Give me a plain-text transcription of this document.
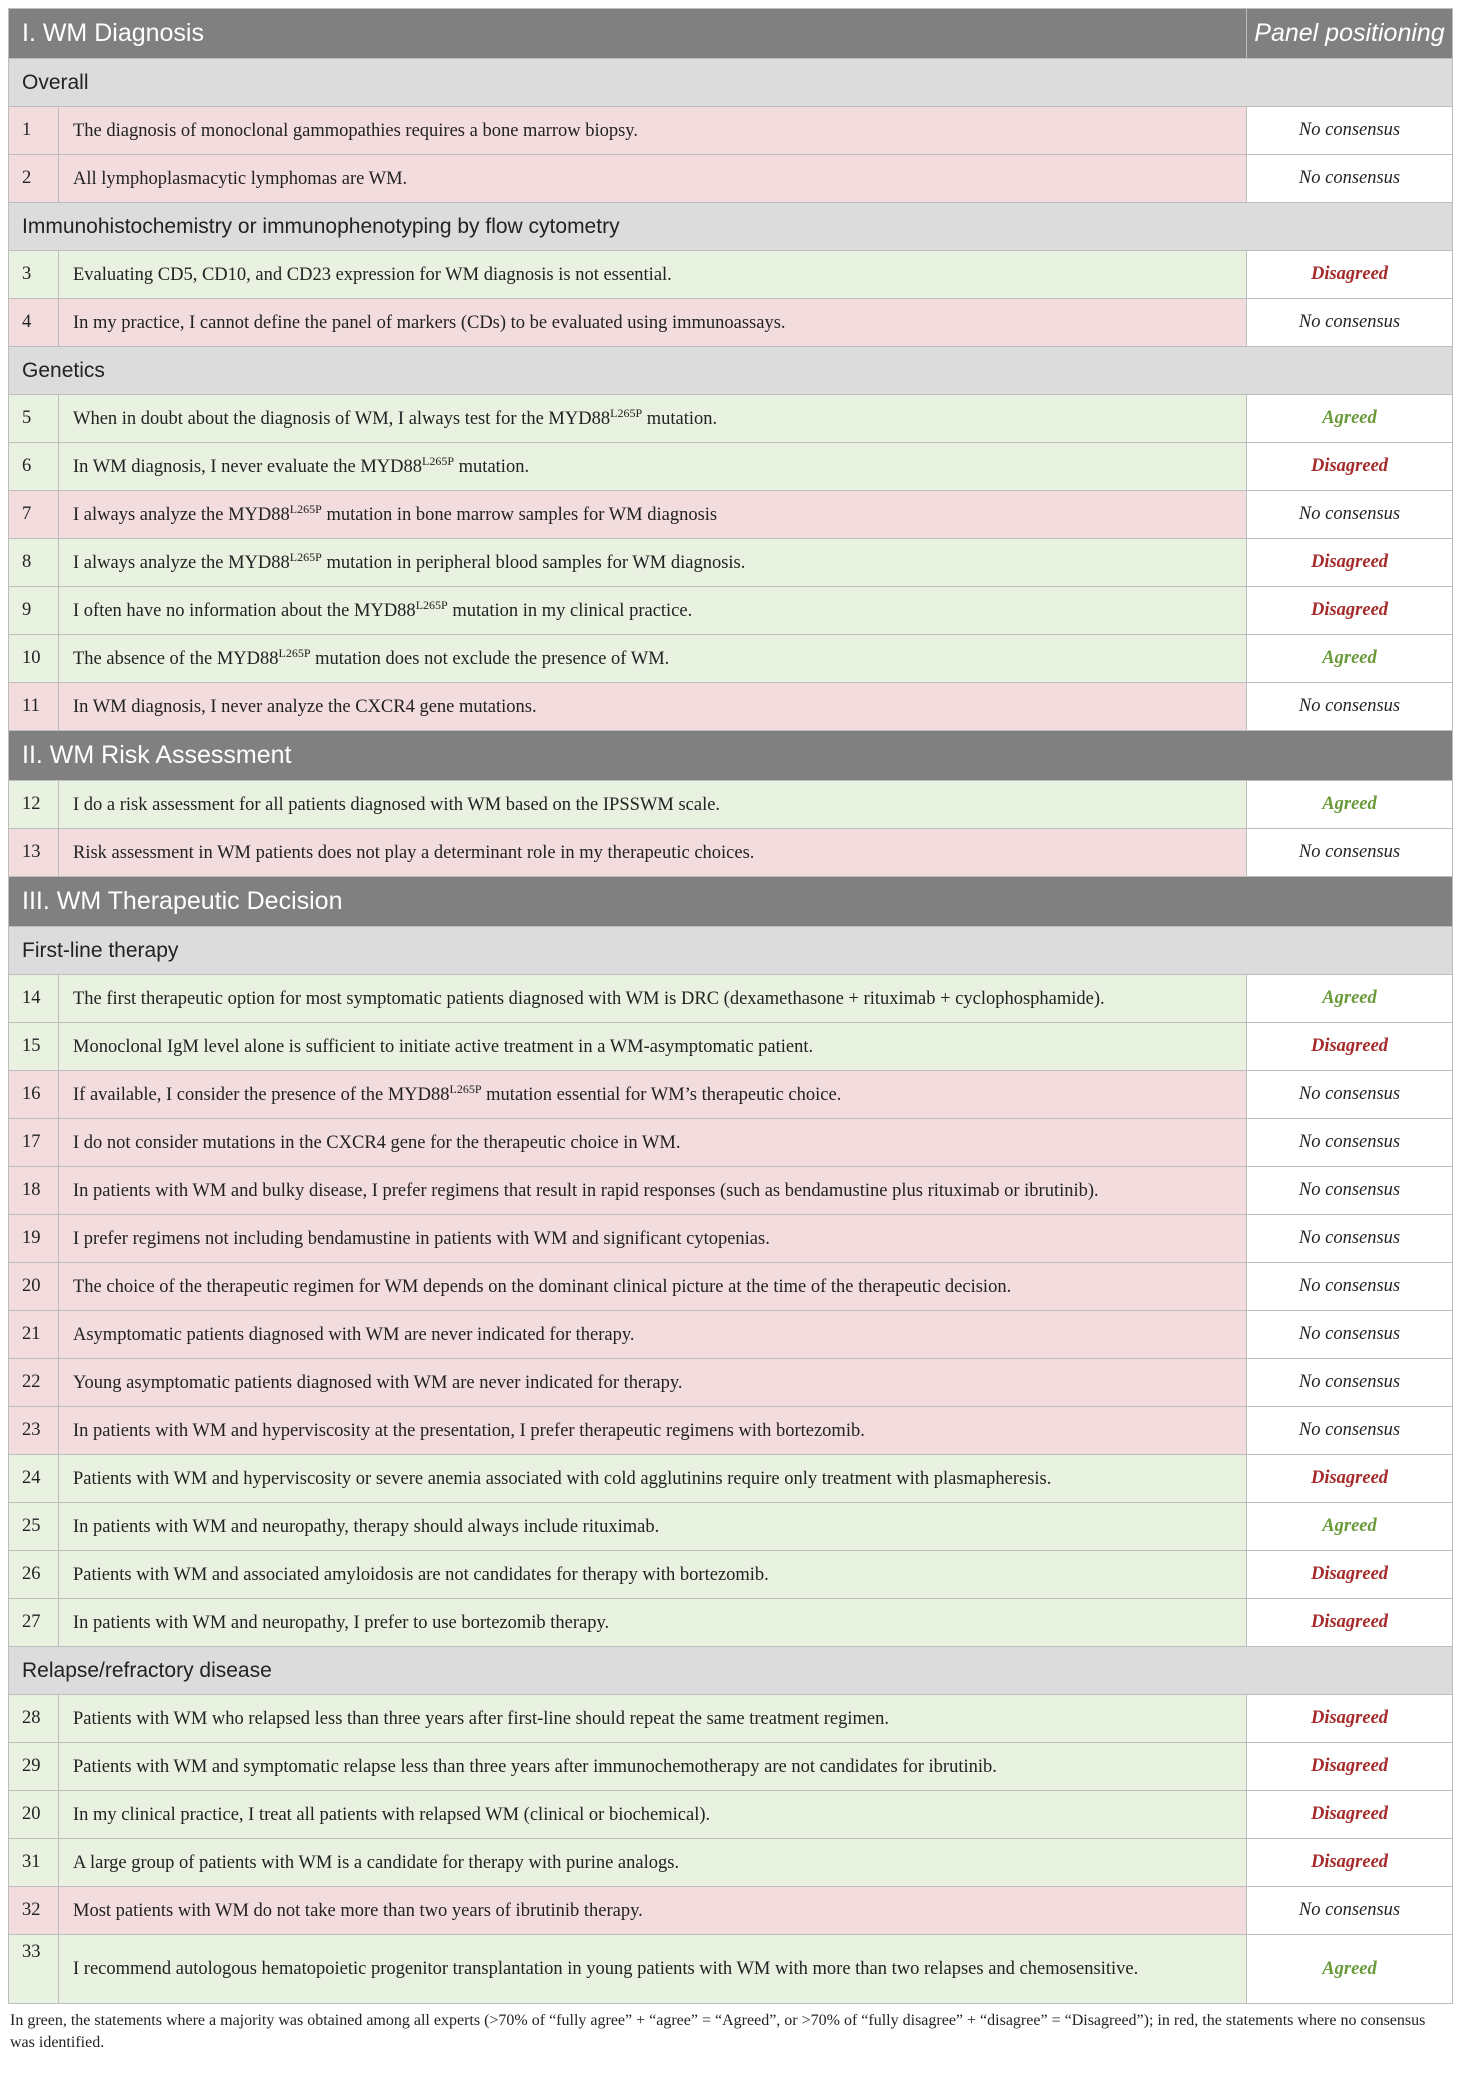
I. WM Diagnosis		Panel positioning
Overall		
1	The diagnosis of monoclonal gammopathies requires a bone marrow biopsy.	No consensus
2	All lymphoplasmacytic lymphomas are WM.	No consensus
Immunohistochemistry or immunophenotyping by flow cytometry		
3	Evaluating CD5, CD10, and CD23 expression for WM diagnosis is not essential.	Disagreed
4	In my practice, I cannot define the panel of markers (CDs) to be evaluated using immunoassays.	No consensus
Genetics		
5	When in doubt about the diagnosis of WM, I always test for the $MYD88^{L265P}$ mutation.	Agreed
6	In WM diagnosis, I never evaluate the $MYD88^{L265P}$ mutation.	Disagreed
7	I always analyze the $MYD88^{L265P}$ mutation in bone marrow samples for WM diagnosis	No consensus
8	I always analyze the $MYD88^{L265P}$ mutation in peripheral blood samples for WM diagnosis.	Disagreed
9	I often have no information about the $MYD88^{L265P}$ mutation in my clinical practice.	Disagreed
10	The absence of the $MYD88^{L265P}$ mutation does not exclude the presence of WM.	Agreed
11	In WM diagnosis, I never analyze the CXCR4 gene mutations.	No consensus
II. WM Risk Assessment		
12	I do a risk assessment for all patients diagnosed with WM based on the IPSSWM scale.	Agreed
13	Risk assessment in WM patients does not play a determinant role in my therapeutic choices.	No consensus
III. WM Therapeutic Decision		
First-line therapy		
14	The first therapeutic option for most symptomatic patients diagnosed with WM is DRC (dexamethasone + rituximab + cyclophosphamide).	Agreed
15	Monoclonal IgM level alone is sufficient to initiate active treatment in a WM-asymptomatic patient.	Disagreed
16	If available, I consider the presence of the $MYD88^{L265P}$ mutation essential for WM’s therapeutic choice.	No consensus
17	I do not consider mutations in the CXCR4 gene for the therapeutic choice in WM.	No consensus
18	In patients with WM and bulky disease, I prefer regimens that result in rapid responses (such as bendamustine plus rituximab or ibrutinib).	No consensus
19	I prefer regimens not including bendamustine in patients with WM and significant cytopenias.	No consensus
20	The choice of the therapeutic regimen for WM depends on the dominant clinical picture at the time of the therapeutic decision.	No consensus
21	Asymptomatic patients diagnosed with WM are never indicated for therapy.	No consensus
22	Young asymptomatic patients diagnosed with WM are never indicated for therapy.	No consensus
23	In patients with WM and hyperviscosity at the presentation, I prefer therapeutic regimens with bortezomib.	No consensus
24	Patients with WM and hyperviscosity or severe anemia associated with cold agglutinins require only treatment with plasmapheresis.	Disagreed
25	In patients with WM and neuropathy, therapy should always include rituximab.	Agreed
26	Patients with WM and associated amyloidosis are not candidates for therapy with bortezomib.	Disagreed
27	In patients with WM and neuropathy, I prefer to use bortezomib therapy.	Disagreed
Relapse/refractory disease		
28	Patients with WM who relapsed less than three years after first-line should repeat the same treatment regimen.	Disagreed
29	Patients with WM and symptomatic relapse less than three years after immunochemotherapy are not candidates for ibrutinib.	Disagreed
20	In my clinical practice, I treat all patients with relapsed WM (clinical or biochemical).	Disagreed
31	A large group of patients with WM is a candidate for therapy with purine analogs.	Disagreed
32	Most patients with WM do not take more than two years of ibrutinib therapy.	No consensus
33	I recommend autologous hematopoietic progenitor transplantation in young patients with WM with more than two relapses and chemosensitive.	Agreed
In green, the statements where a majority was obtained among all experts (>70% of “fully agree” + “agree” = “Agreed”, or >70% of “fully disagree” + “disagree” = “Disagreed”); in red, the statements where no consensus was identified.
